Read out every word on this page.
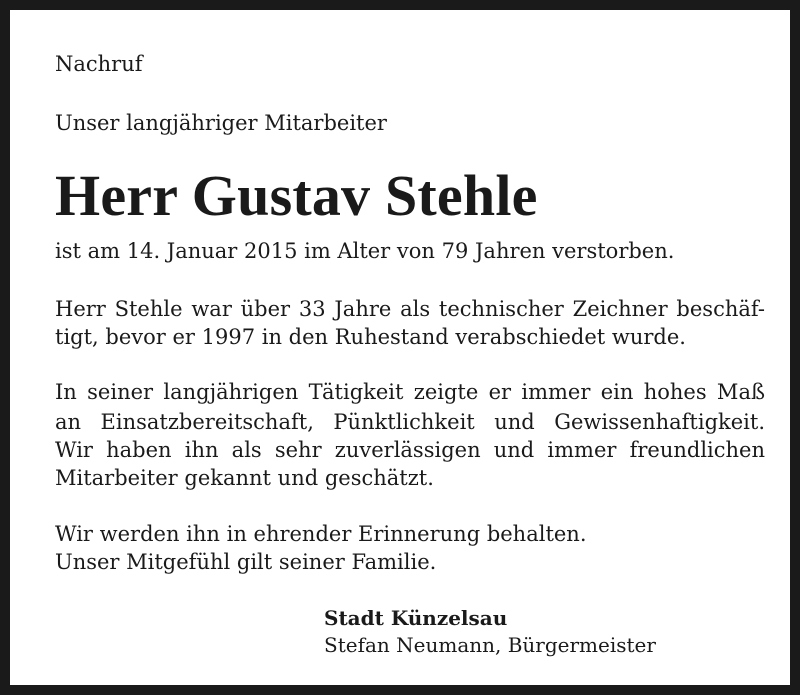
Nachruf
Unser langjähriger Mitarbeiter
Herr Gustav Stehle
ist am 14. Januar 2015 im Alter von 79 Jahren verstorben.
Herr Stehle war über 33 Jahre als technischer Zeichner beschäf-
tigt, bevor er 1997 in den Ruhestand verabschiedet wurde.
In seiner langjährigen Tätigkeit zeigte er immer ein hohes Maß
an Einsatzbereitschaft, Pünktlichkeit und Gewissenhaftigkeit.
Wir haben ihn als sehr zuverlässigen und immer freundlichen
Mitarbeiter gekannt und geschätzt.
Wir werden ihn in ehrender Erinnerung behalten.
Unser Mitgefühl gilt seiner Familie.
Stadt Künzelsau
Stefan Neumann, Bürgermeister
